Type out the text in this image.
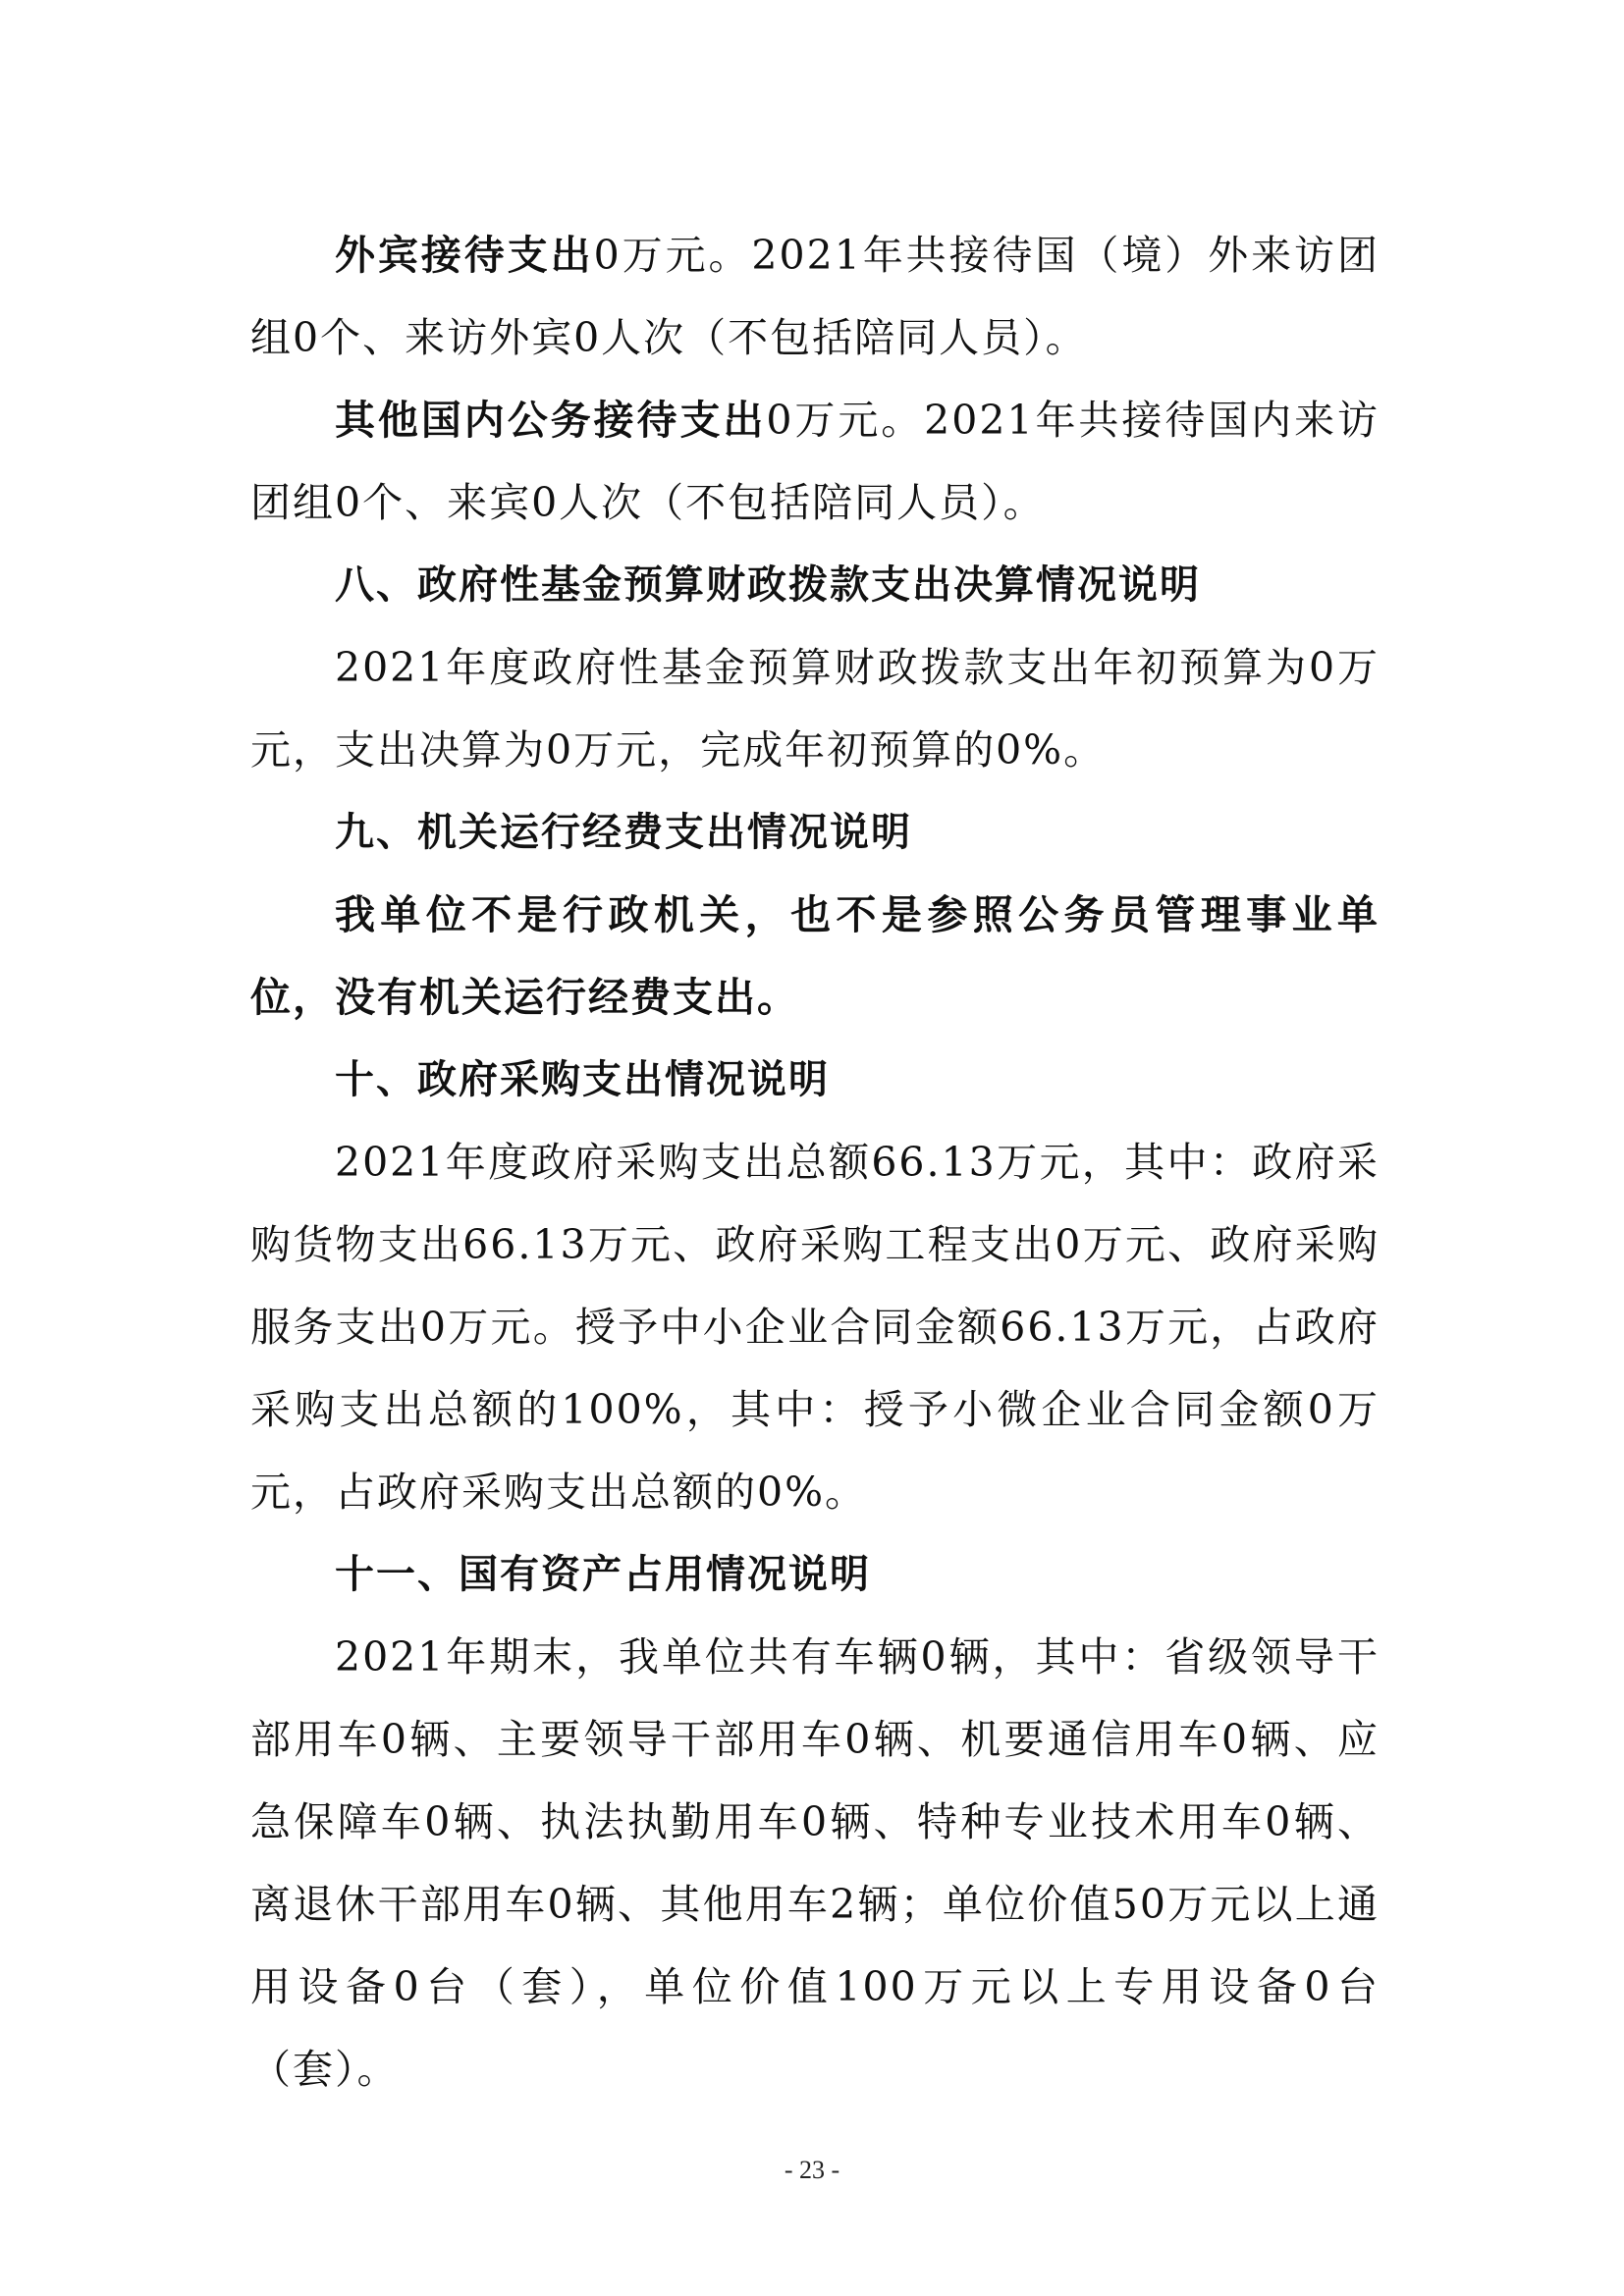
外宾接待支出0万元。2021年共接待国（境）外来访团组0个、来访外宾0人次（不包括陪同人员）。

其他国内公务接待支出0万元。2021年共接待国内来访团组0个、来宾0人次（不包括陪同人员）。

八、政府性基金预算财政拨款支出决算情况说明

2021年度政府性基金预算财政拨款支出年初预算为0万元，支出决算为0万元，完成年初预算的0%。

九、机关运行经费支出情况说明

我单位不是行政机关，也不是参照公务员管理事业单位，没有机关运行经费支出。

十、政府采购支出情况说明

2021年度政府采购支出总额66.13万元，其中：政府采购货物支出66.13万元、政府采购工程支出0万元、政府采购服务支出0万元。授予中小企业合同金额66.13万元，占政府采购支出总额的100%，其中：授予小微企业合同金额0万元，占政府采购支出总额的0%。

十一、国有资产占用情况说明

2021年期末，我单位共有车辆0辆，其中：省级领导干部用车0辆、主要领导干部用车0辆、机要通信用车0辆、应急保障车0辆、执法执勤用车0辆、特种专业技术用车0辆、离退休干部用车0辆、其他用车2辆；单位价值50万元以上通用设备0台（套），单位价值100万元以上专用设备0台（套）。

- 23 -
